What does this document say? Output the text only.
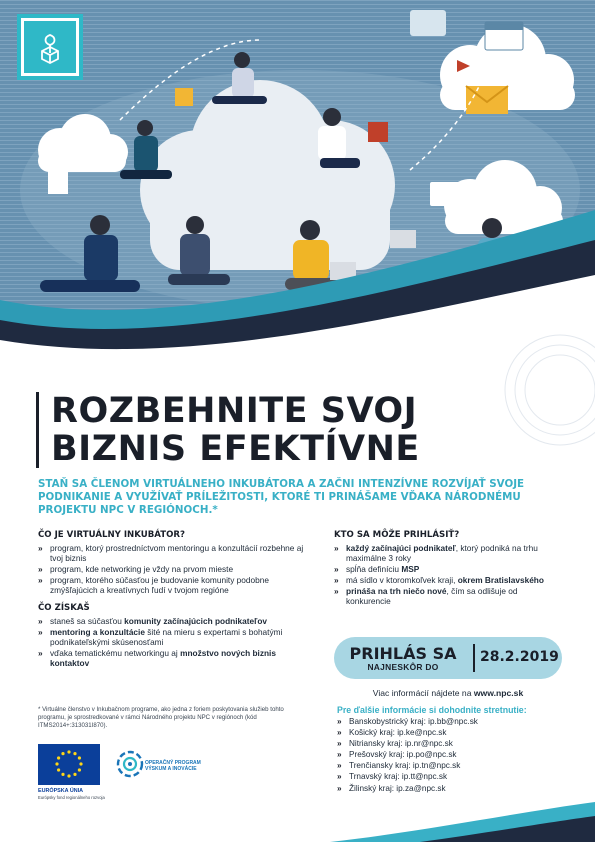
ROZBEHNITE SVOJ
BIZNIS EFEKTÍVNE
STAŇ SA ČLENOM VIRTUÁLNEHO INKUBÁTORA A ZAČNI INTENZÍVNE ROZVÍJAŤ SVOJE PODNIKANIE A VYUŽÍVAŤ PRÍLEŽITOSTI, KTORÉ TI PRINÁŠAME VĎAKA NÁRODNÉMU PROJEKTU NPC V REGIÓNOCH.*
ČO JE VIRTUÁLNY INKUBÁTOR?
» program, ktorý prostredníctvom mentoringu a konzultácií rozbehne aj tvoj biznis
» program, kde networking je vždy na prvom mieste
» program, ktorého súčasťou je budovanie komunity podobne zmýšľajúcich a kreatívnych ľudí v tvojom regióne
ČO ZÍSKAŠ
» staneš sa súčasťou komunity začínajúcich podnikateľov
» mentoring a konzultácie šité na mieru s expertami s bohatými podnikateľskými skúsenosťami
» vďaka tematickému networkingu aj množstvo nových biznis kontaktov
KTO SA MÔŽE PRIHLÁSIŤ?
» každý začínajúci podnikateľ, ktorý podniká na trhu maximálne 3 roky
» spĺňa definíciu MSP
» má sídlo v ktoromkoľvek kraji, okrem Bratislavského
» prináša na trh niečo nové, čím sa odlišuje od konkurencie
PRIHLÁS SA
NAJNESKÔR DO
28.2.2019
Viac informácií nájdete na www.npc.sk
Pre ďalšie informácie si dohodnite stretnutie:
» Banskobystrický kraj: ip.bb@npc.sk
» Košický kraj: ip.ke@npc.sk
» Nitriansky kraj: ip.nr@npc.sk
» Prešovský kraj: ip.po@npc.sk
» Trenčiansky kraj: ip.tn@npc.sk
» Trnavský kraj: ip.tt@npc.sk
» Žilinský kraj: ip.za@npc.sk
* Virtuálne členstvo v Inkubačnom programe, ako jedna z foriem poskytovania služieb tohto programu, je sprostredkované v rámci Národného projektu NPC v regiónoch (kód ITMS2014+:313031I870).
EURÓPSKA ÚNIA
Európsky fond regionálneho rozvoja
OPERAČNÝ PROGRAM
VÝSKUM A INOVÁCIE
